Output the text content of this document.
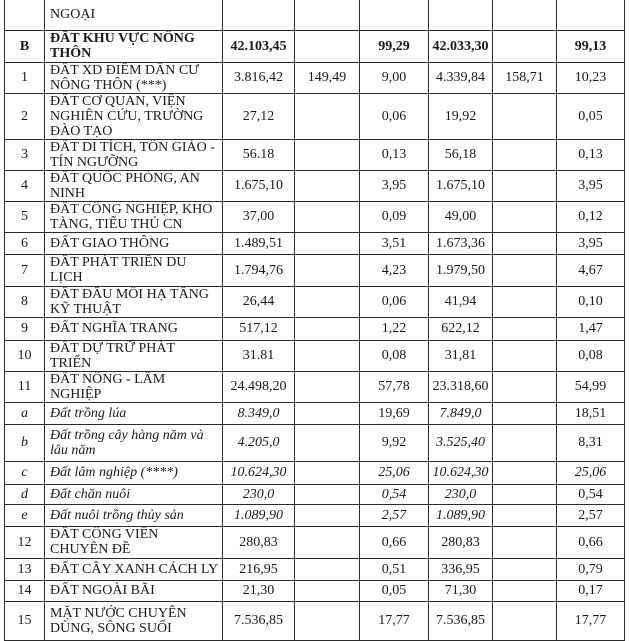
	NGOẠI						
B	ĐẤT KHU VỰC NÔNG THÔN	42.103,45		99,29	42.033,30		99,13
1	ĐẤT XD ĐIỂM DÂN CƯ NÔNG THÔN (***)	3.816,42	149,49	9,00	4.339,84	158,71	10,23
2	ĐẤT CƠ QUAN, VIỆN NGHIÊN CỨU, TRƯỜNG ĐÀO TẠO	27,12		0,06	19,92		0,05
3	ĐẤT DI TÍCH, TÔN GIÁO - TÍN NGƯỠNG	56.18		0,13	56,18		0,13
4	ĐẤT QUỐC PHÒNG, AN NINH	1.675,10		3,95	1.675,10		3,95
5	ĐẤT CÔNG NGHIỆP, KHO TÀNG, TIỂU THỦ CN	37,00		0,09	49,00		0,12
6	ĐẤT GIAO THÔNG	1.489,51		3,51	1.673,36		3,95
7	ĐẤT PHÁT TRIỂN DU LỊCH	1.794,76		4,23	1.979,50		4,67
8	ĐẤT ĐẦU MỐI HẠ TẦNG KỸ THUẬT	26,44		0,06	41,94		0,10
9	ĐẤT NGHĨA TRANG	517,12		1,22	622,12		1,47
10	ĐẤT DỰ TRỮ PHÁT TRIỂN	31.81		0,08	31,81		0,08
11	ĐẤT NÔNG - LÂM NGHIỆP	24.498,20		57,78	23.318,60		54,99
a	Đất trồng lúa	8.349,0		19,69	7.849,0		18,51
b	Đất trồng cây hàng năm và lâu năm	4.205,0		9,92	3.525,40		8,31
c	Đất lâm nghiệp (****)	10.624,30		25,06	10.624,30		25,06
d	Đất chăn nuôi	230,0		0,54	230,0		0,54
e	Đất nuôi trồng thủy sản	1.089,90		2,57	1.089,90		2,57
12	ĐẤT CÔNG VIÊN CHUYÊN ĐỀ	280,83		0,66	280,83		0,66
13	ĐẤT CÂY XANH CÁCH LY	216,95		0,51	336,95		0,79
14	ĐẤT NGOÀI BÃI	21,30		0,05	71,30		0,17
15	MẶT NƯỚC CHUYÊN DÙNG, SÔNG SUỐI	7.536,85		17,77	7.536,85		17,77
